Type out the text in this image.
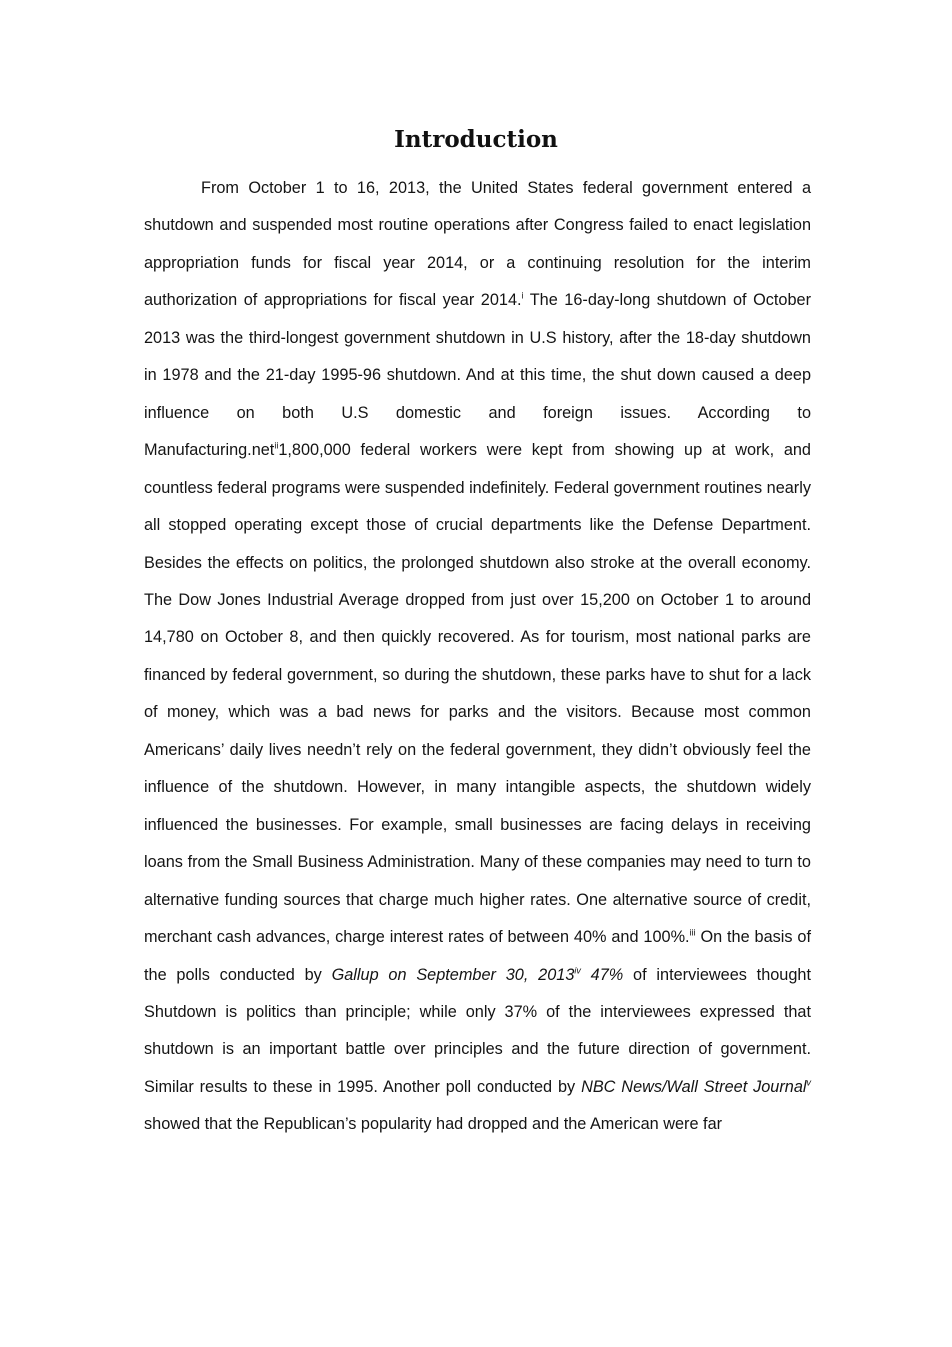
Introduction

From October 1 to 16, 2013, the United States federal government entered a shutdown and suspended most routine operations after Congress failed to enact legislation appropriation funds for fiscal year 2014, or a continuing resolution for the interim authorization of appropriations for fiscal year 2014.$^i$ The 16-day-long shutdown of October 2013 was the third-longest government shutdown in U.S history, after the 18-day shutdown in 1978 and the 21-day 1995-96 shutdown. And at this time, the shut down caused a deep influence on both U.S domestic and foreign issues. According to Manufacturing.net$^{ii}$1,800,000 federal workers were kept from showing up at work, and countless federal programs were suspended indefinitely. Federal government routines nearly all stopped operating except those of crucial departments like the Defense Department. Besides the effects on politics, the prolonged shutdown also stroke at the overall economy. The Dow Jones Industrial Average dropped from just over 15,200 on October 1 to around 14,780 on October 8, and then quickly recovered. As for tourism, most national parks are financed by federal government, so during the shutdown, these parks have to shut for a lack of money, which was a bad news for parks and the visitors. Because most common Americans’ daily lives needn’t rely on the federal government, they didn’t obviously feel the influence of the shutdown. However, in many intangible aspects, the shutdown widely influenced the businesses. For example, small businesses are facing delays in receiving loans from the Small Business Administration. Many of these companies may need to turn to alternative funding sources that charge much higher rates. One alternative source of credit, merchant cash advances, charge interest rates of between 40% and 100%.$^{iii}$ On the basis of the polls conducted by Gallup on September 30, 2013$^{iv}$ 47% of interviewees thought Shutdown is politics than principle; while only 37% of the interviewees expressed that shutdown is an important battle over principles and the future direction of government. Similar results to these in 1995. Another poll conducted by NBC News/Wall Street Journal$^v$ showed that the Republican’s popularity had dropped and the American were far
